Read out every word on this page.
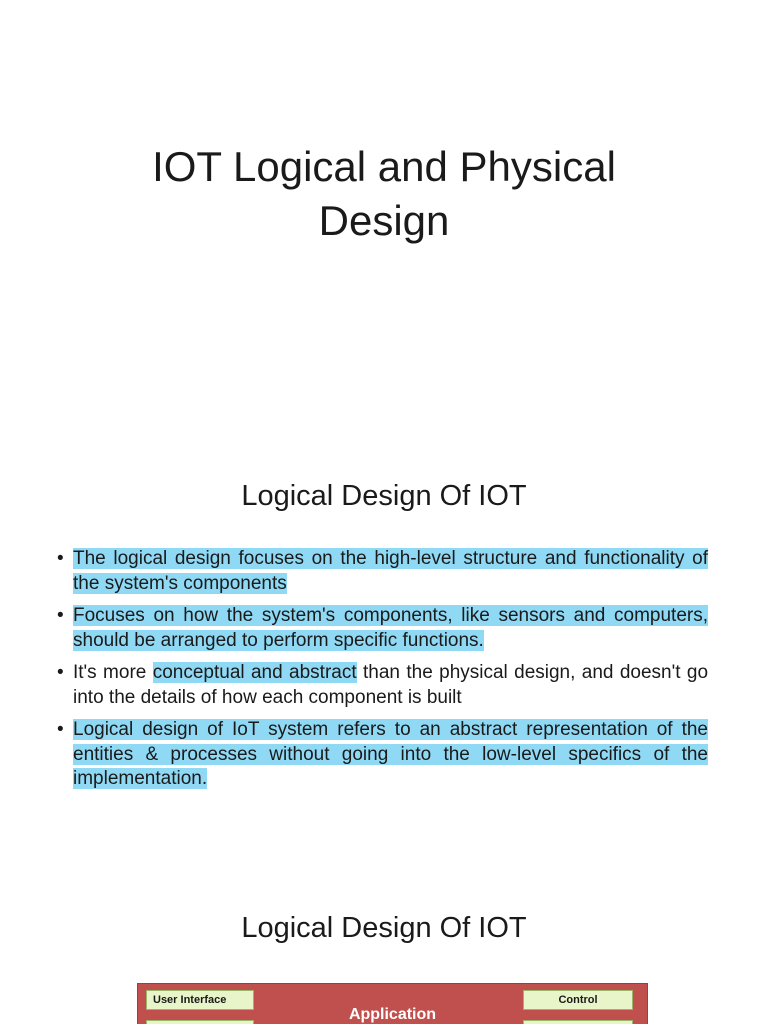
IOT Logical and Physical
Design
Logical Design Of IOT
• The logical design focuses on the high-level structure and functionality of the system's components
• Focuses on how the system's components, like sensors and computers, should be arranged to perform specific functions.
• It's more conceptual and abstract than the physical design, and doesn't go into the details of how each component is built
• Logical design of IoT system refers to an abstract representation of the entities & processes without going into the low-level specifics of the implementation.
Logical Design Of IOT
User Interface
Application
Control
